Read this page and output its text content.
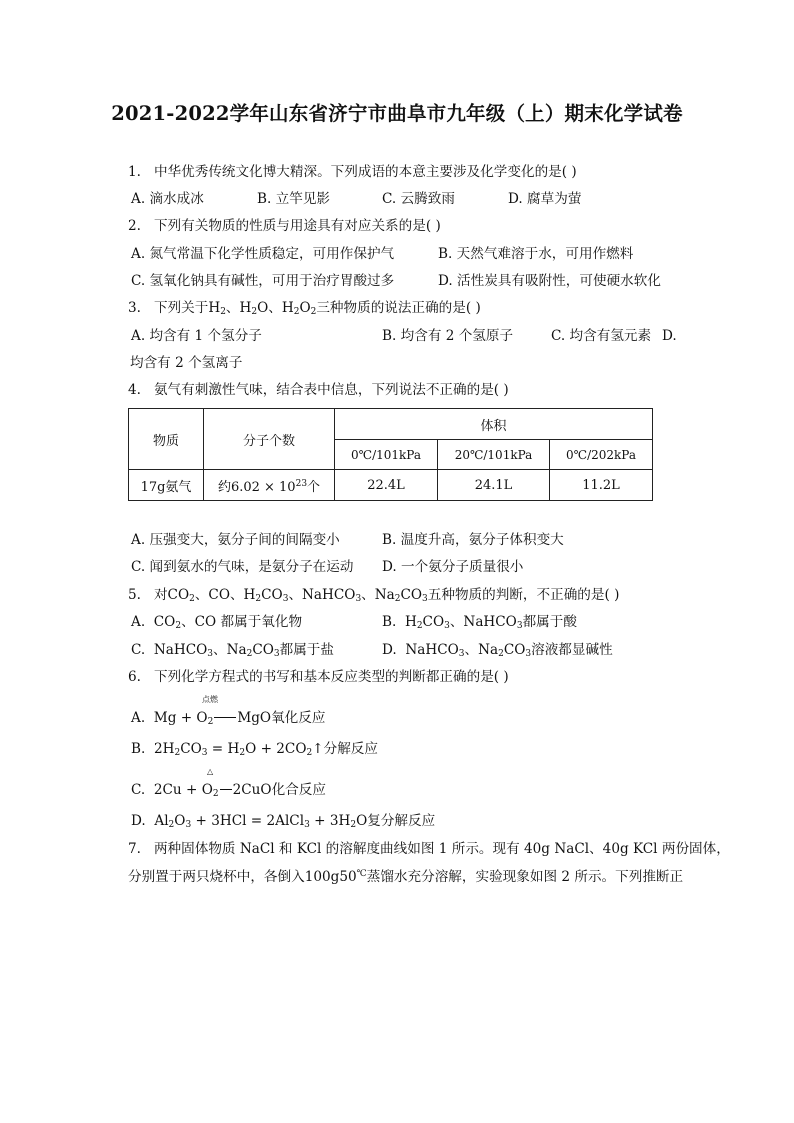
2021-2022学年山东省济宁市曲阜市九年级（上）期末化学试卷
1. 中华优秀传统文化博大精深。下列成语的本意主要涉及化学变化的是( )
A. 滴水成冰	B. 立竿见影	C. 云腾致雨	D. 腐草为萤
2. 下列有关物质的性质与用途具有对应关系的是( )
A. 氮气常温下化学性质稳定，可用作保护气	B. 天然气难溶于水，可用作燃料
C. 氢氧化钠具有碱性，可用于治疗胃酸过多	D. 活性炭具有吸附性，可使硬水软化
3. 下列关于$H_2$、$H_2O$、$H_2O_2$三种物质的说法正确的是( )
A. 均含有 1 个氢分子	B. 均含有 2 个氢原子	C. 均含有氢元素 D.
均含有 2 个氢离子
4. 氨气有刺激性气味，结合表中信息，下列说法不正确的是( )
物质	分子个数	体积		
		0℃/101kPa	20℃/101kPa	0℃/202kPa
17g氨气	约$6.02 \times 10^{23}$个	22.4L	24.1L	11.2L
A. 压强变大，氨分子间的间隔变小	B. 温度升高，氨分子体积变大
C. 闻到氨水的气味，是氨分子在运动 D. 一个氨分子质量很小
5. 对$CO_2$、CO、$H_2CO_3$、NaHCO$_3$、$Na_2CO_3$五种物质的判断，不正确的是( )
A.  $CO_2$、CO 都属于氧化物	B.  $H_2CO_3$、NaHCO$_3$都属于酸
C.  NaHCO$_3$、$Na_2CO_3$都属于盐	D.  NaHCO$_3$、$Na_2CO_3$溶液都显碱性
6. 下列化学方程式的书写和基本反应类型的判断都正确的是( )
点燃
A.  $Mg + O_2$ MgO氧化反应
B.  $2H_2CO_3 = H_2O$ + $2CO_2↑$分解反应
△
C.  $2Cu + O_2$ 2CuO化合反应
D.  $Al_2O_3 + 3HCl$ = 2AlCl$_3$ + $3H_2O$复分解反应
7. 两种固体物质 NaCl 和 KCl 的溶解度曲线如图 1 所示。现有 40g NaCl、40g KCl 两份固体，
分别置于两只烧杯中，各倒入100g50℃蒸馏水充分溶解，实验现象如图 2 所示。下列推断正
